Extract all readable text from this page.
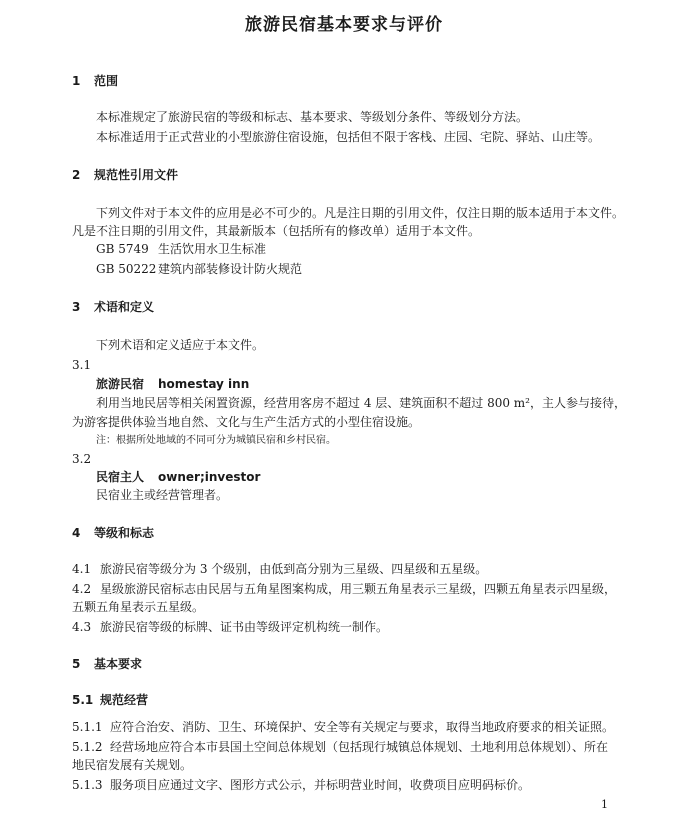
旅游民宿基本要求与评价
1 范围
本标准规定了旅游民宿的等级和标志、基本要求、等级划分条件、等级划分方法。
本标准适用于正式营业的小型旅游住宿设施，包括但不限于客栈、庄园、宅院、驿站、山庄等。
2 规范性引用文件
下列文件对于本文件的应用是必不可少的。凡是注日期的引用文件，仅注日期的版本适用于本文件。
凡是不注日期的引用文件，其最新版本（包括所有的修改单）适用于本文件。
GB 5749 生活饮用水卫生标准
GB 50222 建筑内部装修设计防火规范
3 术语和定义
下列术语和定义适应于本文件。
3.1
旅游民宿 homestay inn
利用当地民居等相关闲置资源，经营用客房不超过 4 层、建筑面积不超过 800 m²，主人参与接待，
为游客提供体验当地自然、文化与生产生活方式的小型住宿设施。
注：根据所处地域的不同可分为城镇民宿和乡村民宿。
3.2
民宿主人 owner;investor
民宿业主或经营管理者。
4 等级和标志
4.1 旅游民宿等级分为 3 个级别，由低到高分别为三星级、四星级和五星级。
4.2 星级旅游民宿标志由民居与五角星图案构成，用三颗五角星表示三星级，四颗五角星表示四星级，
五颗五角星表示五星级。
4.3 旅游民宿等级的标牌、证书由等级评定机构统一制作。
5 基本要求
5.1 规范经营
5.1.1 应符合治安、消防、卫生、环境保护、安全等有关规定与要求，取得当地政府要求的相关证照。
5.1.2 经营场地应符合本市县国土空间总体规划（包括现行城镇总体规划、土地利用总体规划）、所在
地民宿发展有关规划。
5.1.3 服务项目应通过文字、图形方式公示，并标明营业时间，收费项目应明码标价。
1
